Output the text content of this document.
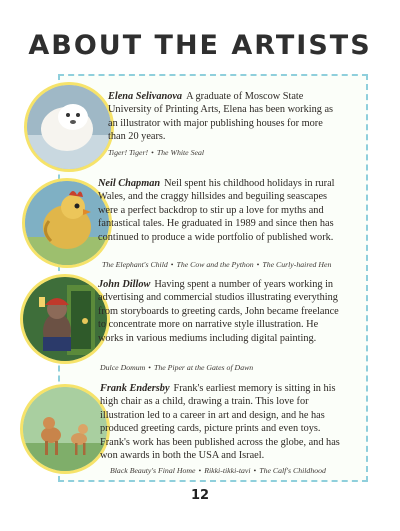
ABOUT THE ARTISTS
Elena Selivanova A graduate of Moscow State University of Printing Arts, Elena has been working as an illustrator with major publishing houses for more than 20 years.
Tiger! Tiger! • The White Seal
Neil Chapman Neil spent his childhood holidays in rural Wales, and the craggy hillsides and beguiling seascapes were a perfect backdrop to stir up a love for myths and fantastical tales. He graduated in 1989 and since then has continued to produce a wide portfolio of published work.
The Elephant's Child • The Cow and the Python • The Curly-haired Hen
John Dillow Having spent a number of years working in advertising and commercial studios illustrating everything from storyboards to greeting cards, John became freelance to concentrate more on narrative style illustration. He works in various mediums including digital painting.
Dulce Domum • The Piper at the Gates of Dawn
Frank Endersby Frank's earliest memory is sitting in his high chair as a child, drawing a train. This love for illustration led to a career in art and design, and he has produced greeting cards, picture prints and even toys. Frank's work has been published across the globe, and has won awards in both the USA and Israel.
Black Beauty's Final Home • Rikki-tikki-tavi • The Calf's Childhood
12
